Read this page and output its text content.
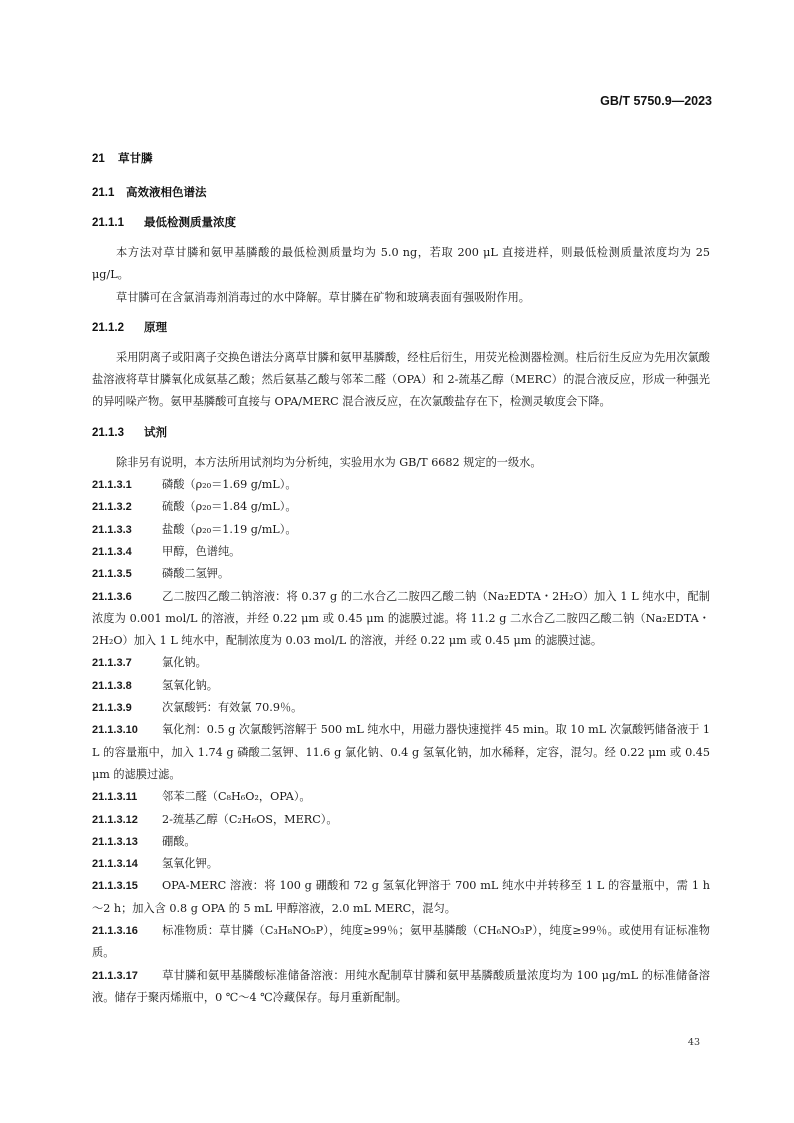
GB/T 5750.9—2023
21 草甘膦
21.1 高效液相色谱法
21.1.1 最低检测质量浓度

本方法对草甘膦和氨甲基膦酸的最低检测质量均为 5.0 ng，若取 200 μL 直接进样，则最低检测质量浓度均为 25 μg/L。

草甘膦可在含氯消毒剂消毒过的水中降解。草甘膦在矿物和玻璃表面有强吸附作用。

21.1.2 原理

采用阴离子或阳离子交换色谱法分离草甘膦和氨甲基膦酸，经柱后衍生，用荧光检测器检测。柱后衍生反应为先用次氯酸盐溶液将草甘膦氧化成氨基乙酸；然后氨基乙酸与邻苯二醛（OPA）和 2-巯基乙醇（MERC）的混合液反应，形成一种强光的异吲哚产物。氨甲基膦酸可直接与 OPA/MERC 混合液反应，在次氯酸盐存在下，检测灵敏度会下降。

21.1.3 试剂

除非另有说明，本方法所用试剂均为分析纯，实验用水为 GB/T 6682 规定的一级水。

21.1.3.1	磷酸（ρ₂₀＝1.69 g/mL）。

21.1.3.2	硫酸（ρ₂₀＝1.84 g/mL）。

21.1.3.3	盐酸（ρ₂₀＝1.19 g/mL）。

21.1.3.4	甲醇，色谱纯。

21.1.3.5	磷酸二氢钾。

21.1.3.6	乙二胺四乙酸二钠溶液：将 0.37 g 的二水合乙二胺四乙酸二钠（Na₂EDTA・2H₂O）加入 1 L 纯水中，配制浓度为 0.001 mol/L 的溶液，并经 0.22 μm 或 0.45 μm 的滤膜过滤。将 11.2 g 二水合乙二胺四乙酸二钠（Na₂EDTA・2H₂O）加入 1 L 纯水中，配制浓度为 0.03 mol/L 的溶液，并经 0.22 μm 或 0.45 μm 的滤膜过滤。

21.1.3.7	氯化钠。

21.1.3.8	氢氧化钠。

21.1.3.9	次氯酸钙：有效氯 70.9％。

21.1.3.10 氧化剂：0.5 g 次氯酸钙溶解于 500 mL 纯水中，用磁力器快速搅拌 45 min。取 10 mL 次氯酸钙储备液于 1 L 的容量瓶中，加入 1.74 g 磷酸二氢钾、11.6 g 氯化钠、0.4 g 氢氧化钠，加水稀释，定容，混匀。经 0.22 μm 或 0.45 μm 的滤膜过滤。

21.1.3.11 邻苯二醛（C₈H₆O₂，OPA）。

21.1.3.12 2-巯基乙醇（C₂H₆OS，MERC）。

21.1.3.13 硼酸。

21.1.3.14 氢氧化钾。

21.1.3.15 OPA-MERC 溶液：将 100 g 硼酸和 72 g 氢氧化钾溶于 700 mL 纯水中并转移至 1 L 的容量瓶中，需 1 h～2 h；加入含 0.8 g OPA 的 5 mL 甲醇溶液，2.0 mL MERC，混匀。

21.1.3.16 标准物质：草甘膦（C₃H₈NO₅P），纯度≥99％；氨甲基膦酸（CH₆NO₃P），纯度≥99％。或使用有证标准物质。

21.1.3.17 草甘膦和氨甲基膦酸标准储备溶液：用纯水配制草甘膦和氨甲基膦酸质量浓度均为 100 μg/mL 的标准储备溶液。储存于聚丙烯瓶中，0 ℃～4 ℃冷藏保存。每月重新配制。

43
